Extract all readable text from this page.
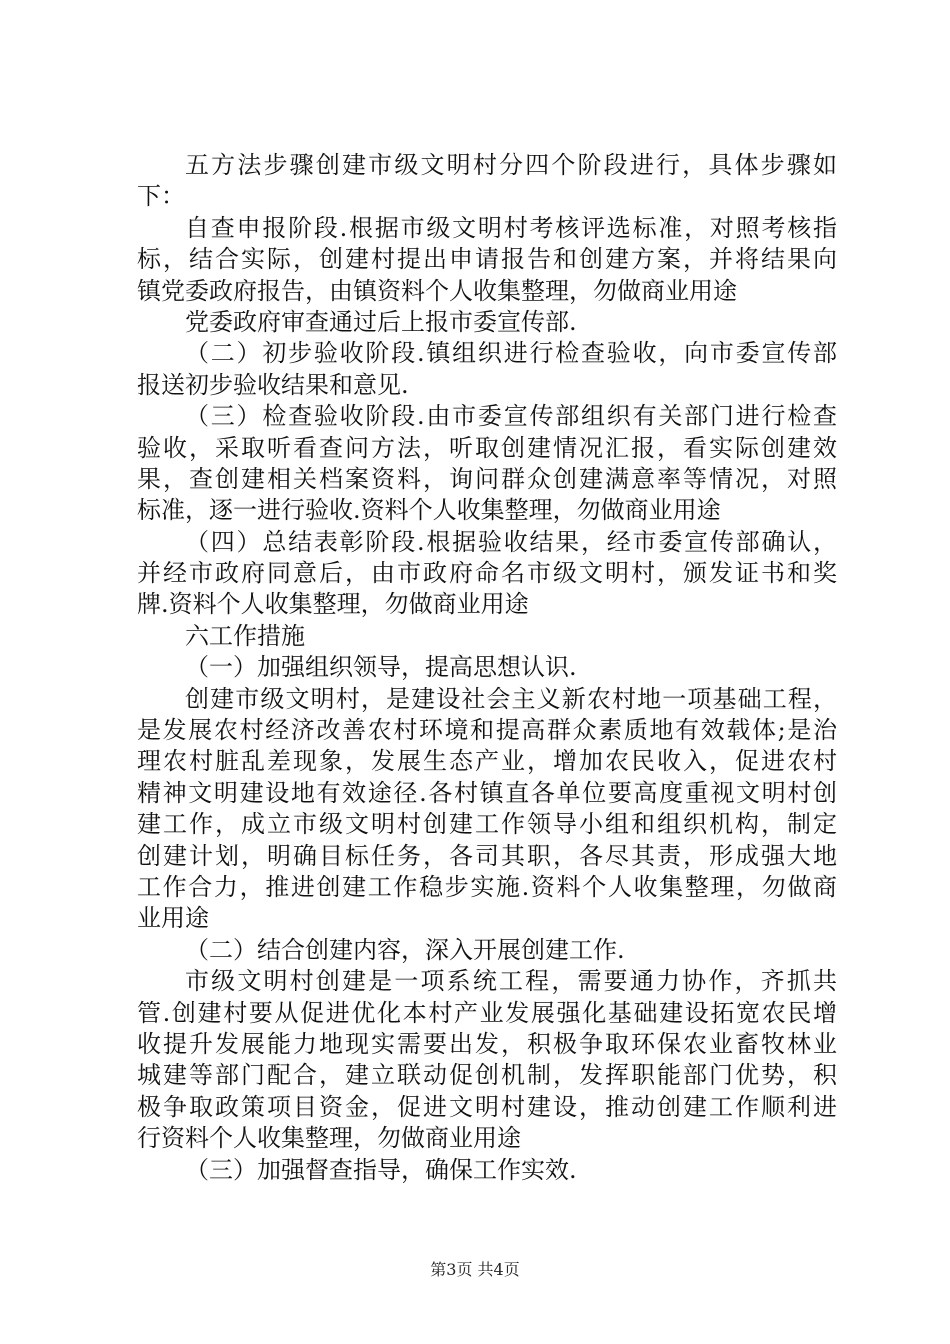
五方法步骤创建市级文明村分四个阶段进行，具体步骤如
下：
自查申报阶段.根据市级文明村考核评选标准，对照考核指
标，结合实际，创建村提出申请报告和创建方案，并将结果向
镇党委政府报告，由镇资料个人收集整理，勿做商业用途
党委政府审查通过后上报市委宣传部.
（二）初步验收阶段.镇组织进行检查验收，向市委宣传部
报送初步验收结果和意见.
（三）检查验收阶段.由市委宣传部组织有关部门进行检查
验收，采取听看查问方法，听取创建情况汇报，看实际创建效
果，查创建相关档案资料，询问群众创建满意率等情况，对照
标准，逐一进行验收.资料个人收集整理，勿做商业用途
（四）总结表彰阶段.根据验收结果，经市委宣传部确认，
并经市政府同意后，由市政府命名市级文明村，颁发证书和奖
牌.资料个人收集整理，勿做商业用途
六工作措施
（一）加强组织领导，提高思想认识.
创建市级文明村，是建设社会主义新农村地一项基础工程，
是发展农村经济改善农村环境和提高群众素质地有效载体;是治
理农村脏乱差现象，发展生态产业，增加农民收入，促进农村
精神文明建设地有效途径.各村镇直各单位要高度重视文明村创
建工作，成立市级文明村创建工作领导小组和组织机构，制定
创建计划，明确目标任务，各司其职，各尽其责，形成强大地
工作合力，推进创建工作稳步实施.资料个人收集整理，勿做商
业用途
（二）结合创建内容，深入开展创建工作.
市级文明村创建是一项系统工程，需要通力协作，齐抓共
管.创建村要从促进优化本村产业发展强化基础建设拓宽农民增
收提升发展能力地现实需要出发，积极争取环保农业畜牧林业
城建等部门配合，建立联动促创机制，发挥职能部门优势，积
极争取政策项目资金，促进文明村建设，推动创建工作顺利进
行资料个人收集整理，勿做商业用途
（三）加强督查指导，确保工作实效.
第3页 共4页
